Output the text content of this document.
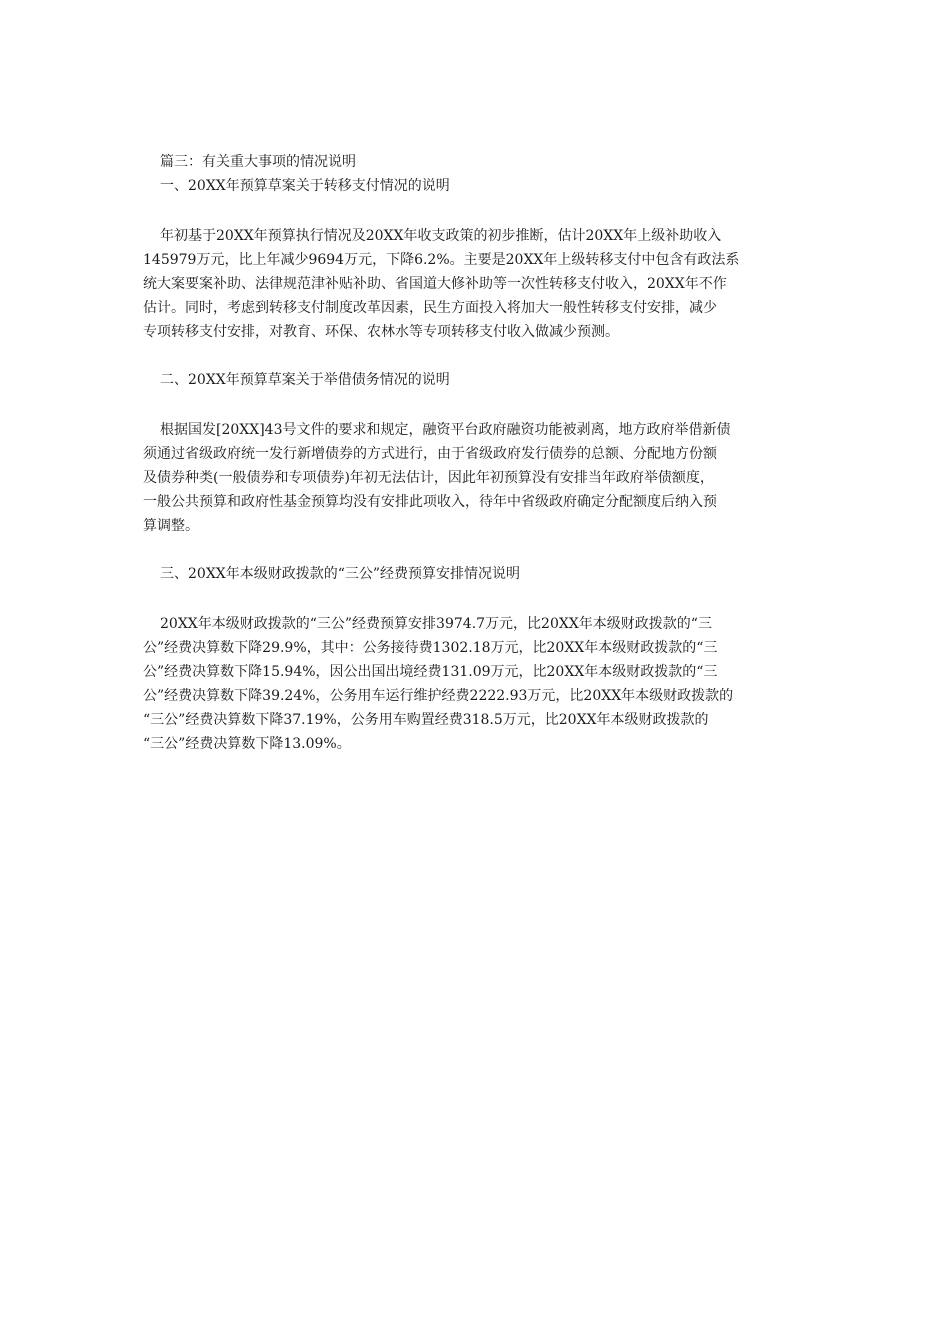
篇三：有关重大事项的情况说明

一、20XX年预算草案关于转移支付情况的说明

年初基于20XX年预算执行情况及20XX年收支政策的初步推断，估计20XX年上级补助收入
145979万元，比上年减少9694万元，下降6.2%。主要是20XX年上级转移支付中包含有政法系
统大案要案补助、法律规范津补贴补助、省国道大修补助等一次性转移支付收入，20XX年不作
估计。同时，考虑到转移支付制度改革因素，民生方面投入将加大一般性转移支付安排，减少
专项转移支付安排，对教育、环保、农林水等专项转移支付收入做减少预测。

二、20XX年预算草案关于举借债务情况的说明

根据国发[20XX]43号文件的要求和规定，融资平台政府融资功能被剥离，地方政府举借新债
须通过省级政府统一发行新增债券的方式进行，由于省级政府发行债券的总额、分配地方份额
及债券种类(一般债券和专项债券)年初无法估计，因此年初预算没有安排当年政府举债额度，
一般公共预算和政府性基金预算均没有安排此项收入，待年中省级政府确定分配额度后纳入预
算调整。

三、20XX年本级财政拨款的“三公”经费预算安排情况说明

20XX年本级财政拨款的“三公”经费预算安排3974.7万元，比20XX年本级财政拨款的“三
公”经费决算数下降29.9%，其中：公务接待费1302.18万元，比20XX年本级财政拨款的“三
公”经费决算数下降15.94%，因公出国出境经费131.09万元，比20XX年本级财政拨款的“三
公”经费决算数下降39.24%，公务用车运行维护经费2222.93万元，比20XX年本级财政拨款的
“三公”经费决算数下降37.19%，公务用车购置经费318.5万元，比20XX年本级财政拨款的
“三公”经费决算数下降13.09%。
